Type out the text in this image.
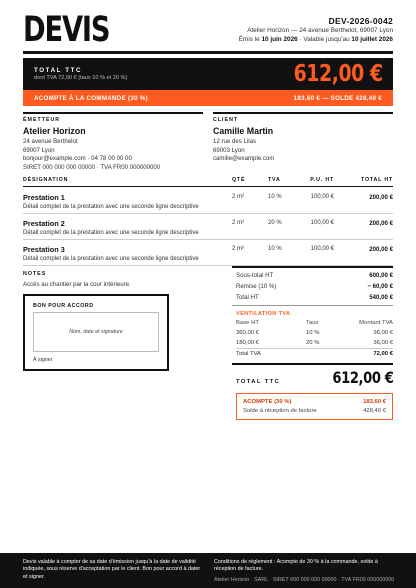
DEVIS	DEV-2026-0042
Atelier Horizon — 24 avenue Berthelot, 69007 Lyon
Émis le 10 juin 2026 · Valable jusqu'au 10 juillet 2026
TOTAL TTC
dont TVA 72,00 € (taux 10 % et 20 %)	612,00 €
ACOMPTE À LA COMMANDE (30 %)	183,60 € — SOLDE 428,40 €
ÉMETTEUR
Atelier Horizon
24 avenue Berthelot
69007 Lyon
bonjour@example.com · 04 78 00 00 00
SIRET 000 000 000 00000 · TVA FR00 000000000
CLIENT
Camille Martin
12 rue des Lilas
69003 Lyon
camille@example.com
DÉSIGNATION	QTÉ	TVA	P.U. HT	TOTAL HT
Prestation 1
Détail complet de la prestation avec une seconde ligne descriptive
2 m²	10 %	100,00 €	200,00 €
Prestation 2
Détail complet de la prestation avec une seconde ligne descriptive
2 m²	20 %	100,00 €	200,00 €
Prestation 3
Détail complet de la prestation avec une seconde ligne descriptive
2 m²	10 %	100,00 €	200,00 €
NOTES
Accès au chantier par la cour intérieure.
BON POUR ACCORD
Nom, date et signature
À signer
Sous-total HT	600,00 €
Remise (10 %)	− 60,00 €
Total HT	540,00 €
VENTILATION TVA
Base HT	Taux	Montant TVA
360,00 €	10 %	36,00 €
180,00 €	20 %	36,00 €
Total TVA	72,00 €
TOTAL TTC	612,00 €
ACOMPTE (30 %)	183,60 €
Solde à réception de facture	428,40 €
Devis valable à compter de sa date d'émission jusqu'à la date de validité indiquée, sous réserve d'acceptation par le client. Bon pour accord à dater et signer.
Conditions de règlement : Acompte de 30 % à la commande, solde à réception de facture.
Atelier Horizon · SARL · SIRET 000 000 000 00000 · TVA FR00 000000000
